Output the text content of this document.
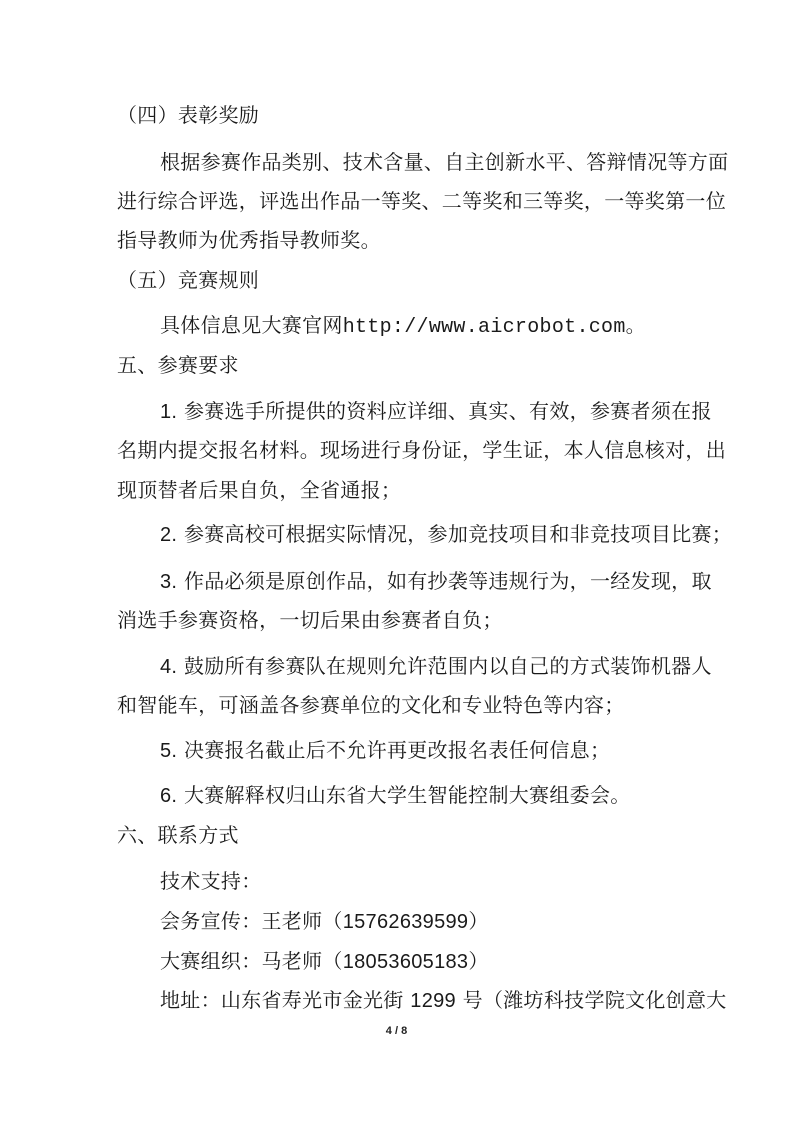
（四）表彰奖励
根据参赛作品类别、技术含量、自主创新水平、答辩情况等方面
进行综合评选，评选出作品一等奖、二等奖和三等奖，一等奖第一位
指导教师为优秀指导教师奖。
（五）竞赛规则
具体信息见大赛官网http://www.aicrobot.com。
五、参赛要求
1. 参赛选手所提供的资料应详细、真实、有效，参赛者须在报
名期内提交报名材料。现场进行身份证，学生证，本人信息核对，出
现顶替者后果自负，全省通报；
2. 参赛高校可根据实际情况，参加竞技项目和非竞技项目比赛；
3. 作品必须是原创作品，如有抄袭等违规行为，一经发现，取
消选手参赛资格，一切后果由参赛者自负；
4. 鼓励所有参赛队在规则允许范围内以自己的方式装饰机器人
和智能车，可涵盖各参赛单位的文化和专业特色等内容；
5. 决赛报名截止后不允许再更改报名表任何信息；
6. 大赛解释权归山东省大学生智能控制大赛组委会。
六、联系方式
技术支持：
会务宣传：王老师（15762639599）
大赛组织：马老师（18053605183）
地址：山东省寿光市金光街 1299 号（潍坊科技学院文化创意大
4 / 8
